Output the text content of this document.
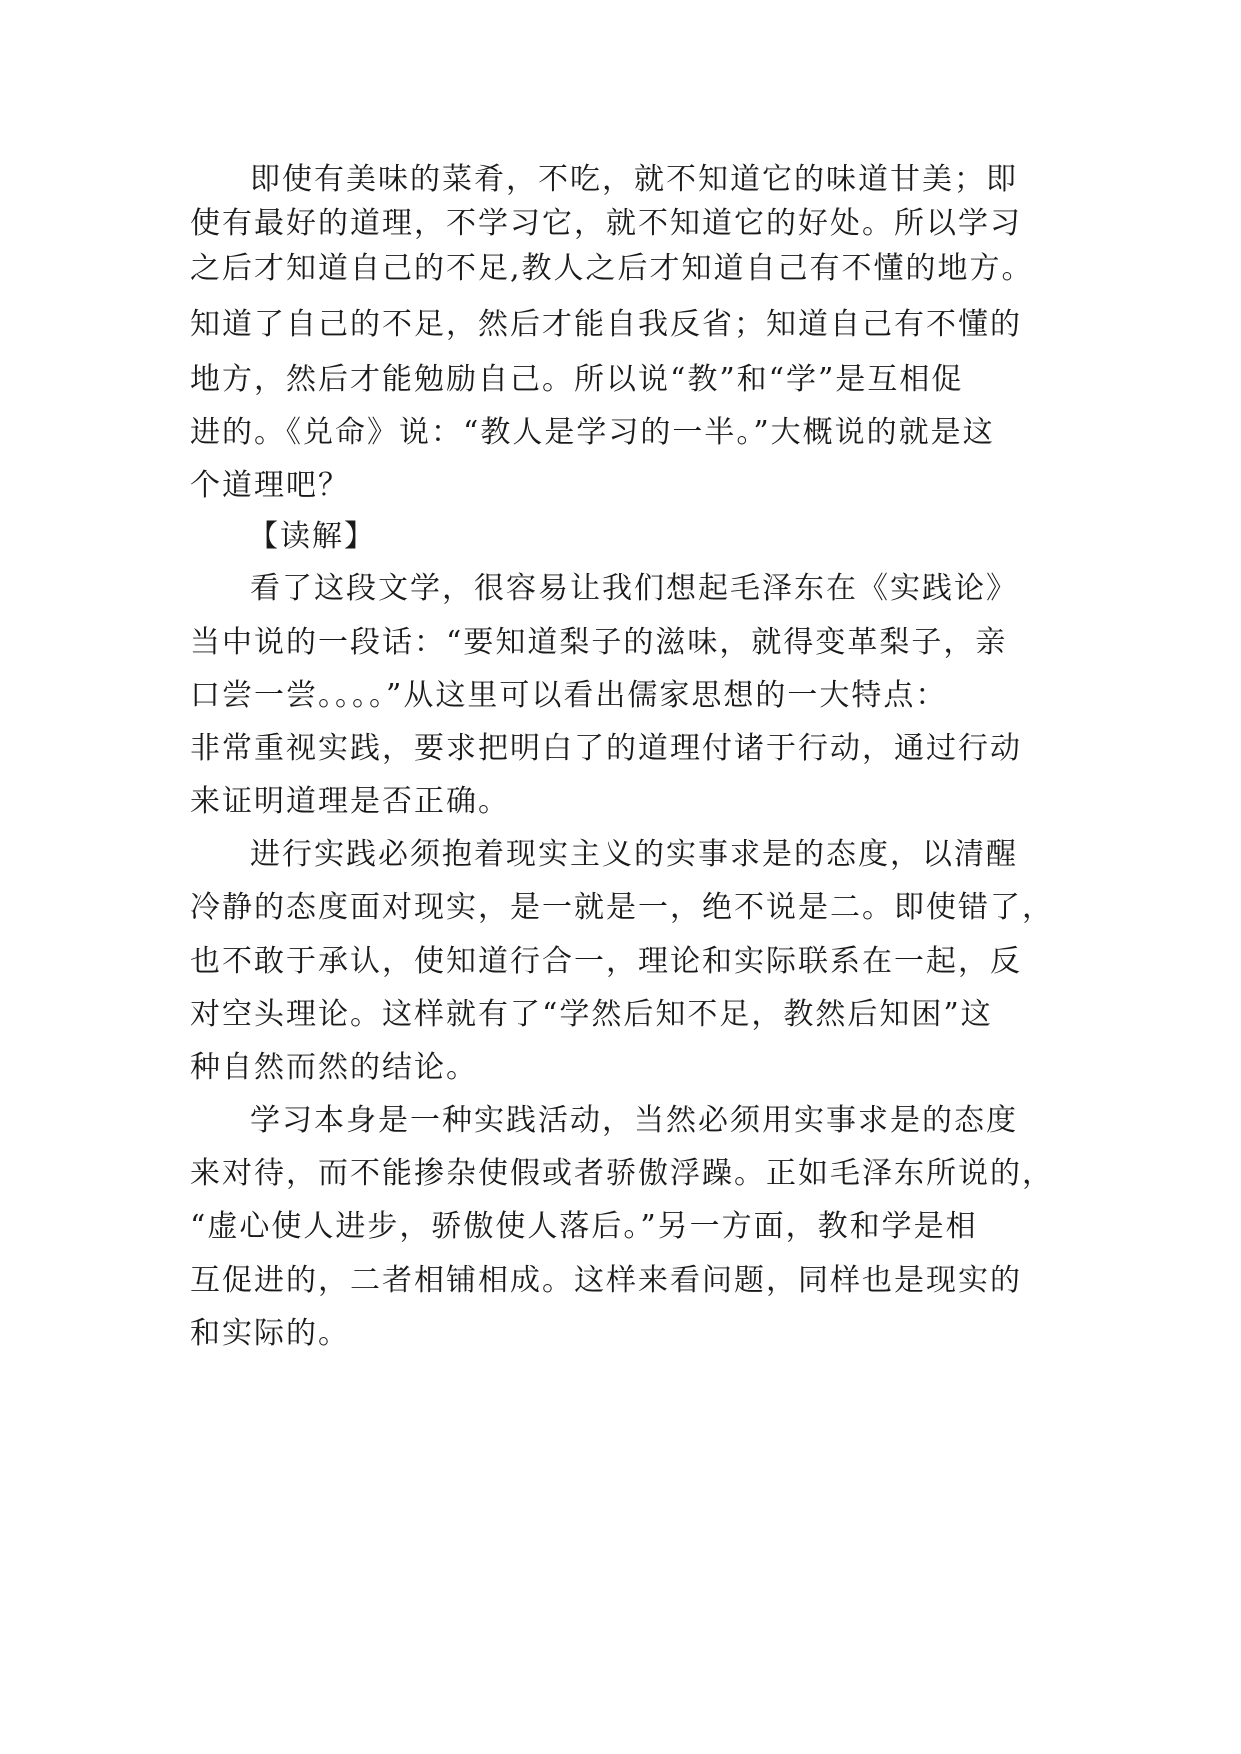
即使有美味的菜肴，不吃，就不知道它的味道甘美；即
使有最好的道理，不学习它，就不知道它的好处。所以学习
之后才知道自己的不足,教人之后才知道自己有不懂的地方。
知道了自己的不足，然后才能自我反省；知道自己有不懂的
地方，然后才能勉励自己。所以说“教”和“学”是互相促
进的。《兑命》说：“教人是学习的一半。”大概说的就是这
个道理吧？
【读解】
看了这段文学，很容易让我们想起毛泽东在《实践论》
当中说的一段话：“要知道梨子的滋味，就得变革梨子，亲
口尝一尝。。。。”从这里可以看出儒家思想的一大特点：
非常重视实践，要求把明白了的道理付诸于行动，通过行动
来证明道理是否正确。
进行实践必须抱着现实主义的实事求是的态度，以清醒
冷静的态度面对现实，是一就是一，绝不说是二。即使错了，
也不敢于承认，使知道行合一，理论和实际联系在一起，反
对空头理论。这样就有了“学然后知不足，教然后知困”这
种自然而然的结论。
学习本身是一种实践活动，当然必须用实事求是的态度
来对待，而不能掺杂使假或者骄傲浮躁。正如毛泽东所说的，
“虚心使人进步，骄傲使人落后。”另一方面，教和学是相
互促进的，二者相铺相成。这样来看问题，同样也是现实的
和实际的。
